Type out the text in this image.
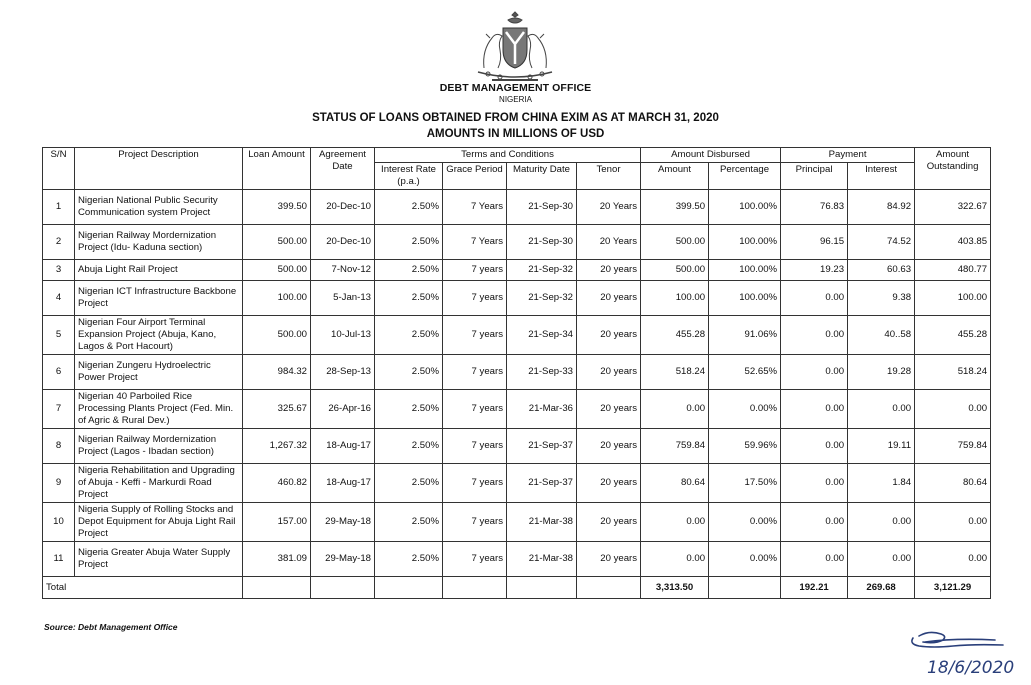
DEBT MANAGEMENT OFFICE
NIGERIA
STATUS OF LOANS OBTAINED FROM CHINA EXIM AS AT MARCH 31, 2020
AMOUNTS IN MILLIONS OF USD
S/N	Project Description	Loan Amount	Agreement Date	Terms and Conditions				Amount Disbursed		Payment		Amount Outstanding
				Interest Rate (p.a.)	Grace Period	Maturity Date	Tenor	Amount	Percentage	Principal	Interest	

1	Nigerian National Public Security Communication system Project	399.50	20-Dec-10	2.50%	7 Years	21-Sep-30	20 Years	399.50	100.00%	76.83	84.92	322.67
2	Nigerian Railway Mordernization Project (Idu- Kaduna section)	500.00	20-Dec-10	2.50%	7 Years	21-Sep-30	20 Years	500.00	100.00%	96.15	74.52	403.85
3	Abuja Light Rail Project	500.00	7-Nov-12	2.50%	7 years	21-Sep-32	20 years	500.00	100.00%	19.23	60.63	480.77
4	Nigerian ICT Infrastructure Backbone Project	100.00	5-Jan-13	2.50%	7 years	21-Sep-32	20 years	100.00	100.00%	0.00	9.38	100.00
5	Nigerian Four Airport Terminal Expansion Project (Abuja, Kano, Lagos & Port Hacourt)	500.00	10-Jul-13	2.50%	7 years	21-Sep-34	20 years	455.28	91.06%	0.00	40..58	455.28
6	Nigerian Zungeru Hydroelectric Power Project	984.32	28-Sep-13	2.50%	7 years	21-Sep-33	20 years	518.24	52.65%	0.00	19.28	518.24
7	Nigerian 40 Parboiled Rice Processing Plants Project (Fed. Min. of Agric & Rural Dev.)	325.67	26-Apr-16	2.50%	7 years	21-Mar-36	20 years	0.00	0.00%	0.00	0.00	0.00
8	Nigerian Railway Mordernization Project (Lagos - Ibadan section)	1,267.32	18-Aug-17	2.50%	7 years	21-Sep-37	20 years	759.84	59.96%	0.00	19.11	759.84
9	Nigeria Rehabilitation and Upgrading of Abuja - Keffi - Markurdi Road Project	460.82	18-Aug-17	2.50%	7 years	21-Sep-37	20 years	80.64	17.50%	0.00	1.84	80.64
10	Nigeria Supply of Rolling Stocks and Depot Equipment for Abuja Light Rail Project	157.00	29-May-18	2.50%	7 years	21-Mar-38	20 years	0.00	0.00%	0.00	0.00	0.00
11	Nigeria Greater Abuja Water Supply Project	381.09	29-May-18	2.50%	7 years	21-Mar-38	20 years	0.00	0.00%	0.00	0.00	0.00
Total								3,313.50		192.21	269.68	3,121.29
Source: Debt Management Office
18/6/2020
